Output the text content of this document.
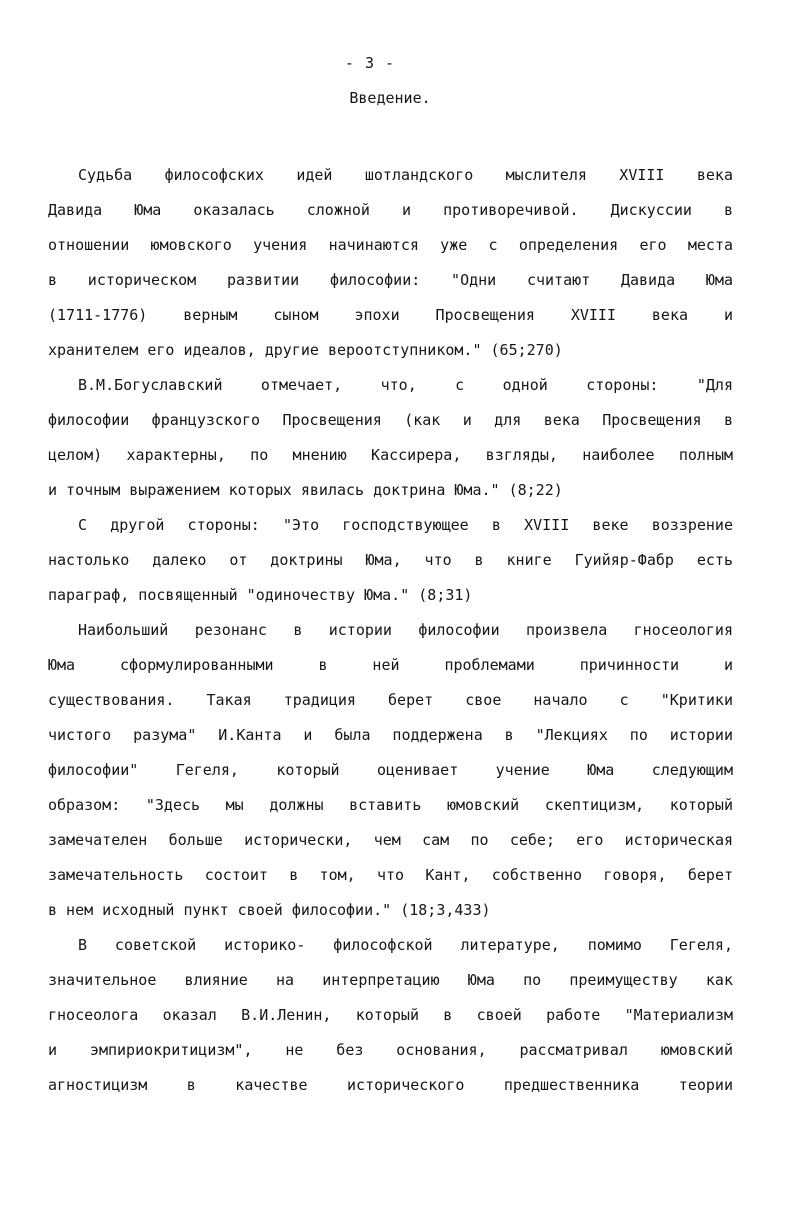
- 3 -
Введение.
Судьба философских идей шотландского мыслителя XVIII века
Давида Юма оказалась сложной и противоречивой. Дискуссии в
отношении юмовского учения начинаются уже с определения его места
в историческом развитии философии: "Одни считают Давида Юма
(1711-1776) верным сыном эпохи Просвещения XVIII века и
хранителем его идеалов, другие вероотступником." (65;270)
В.М.Богуславский отмечает, что, с одной стороны: "Для
философии французского Просвещения (как и для века Просвещения в
целом) характерны, по мнению Кассирера, взгляды, наиболее полным
и точным выражением которых явилась доктрина Юма." (8;22)
С другой стороны: "Это господствующее в XVIII веке воззрение
настолько далеко от доктрины Юма, что в книге Гуийяр-Фабр есть
параграф, посвященный "одиночеству Юма." (8;31)
Наибольший резонанс в истории философии произвела гносеология
Юма сформулированными в ней проблемами причинности и
существования. Такая традиция берет свое начало с "Критики
чистого разума" И.Канта и была поддержена в "Лекциях по истории
философии" Гегеля, который оценивает учение Юма следующим
образом: "Здесь мы должны вставить юмовский скептицизм, который
замечателен больше исторически, чем сам по себе; его историческая
замечательность состоит в том, что Кант, собственно говоря, берет
в нем исходный пункт своей философии." (18;3,433)
В советской историко- философской литературе, помимо Гегеля,
значительное влияние на интерпретацию Юма по преимуществу как
гносеолога оказал В.И.Ленин, который в своей работе "Материализм
и эмпириокритицизм", не без основания, рассматривал юмовский
агностицизм в качестве исторического предшественника теории
